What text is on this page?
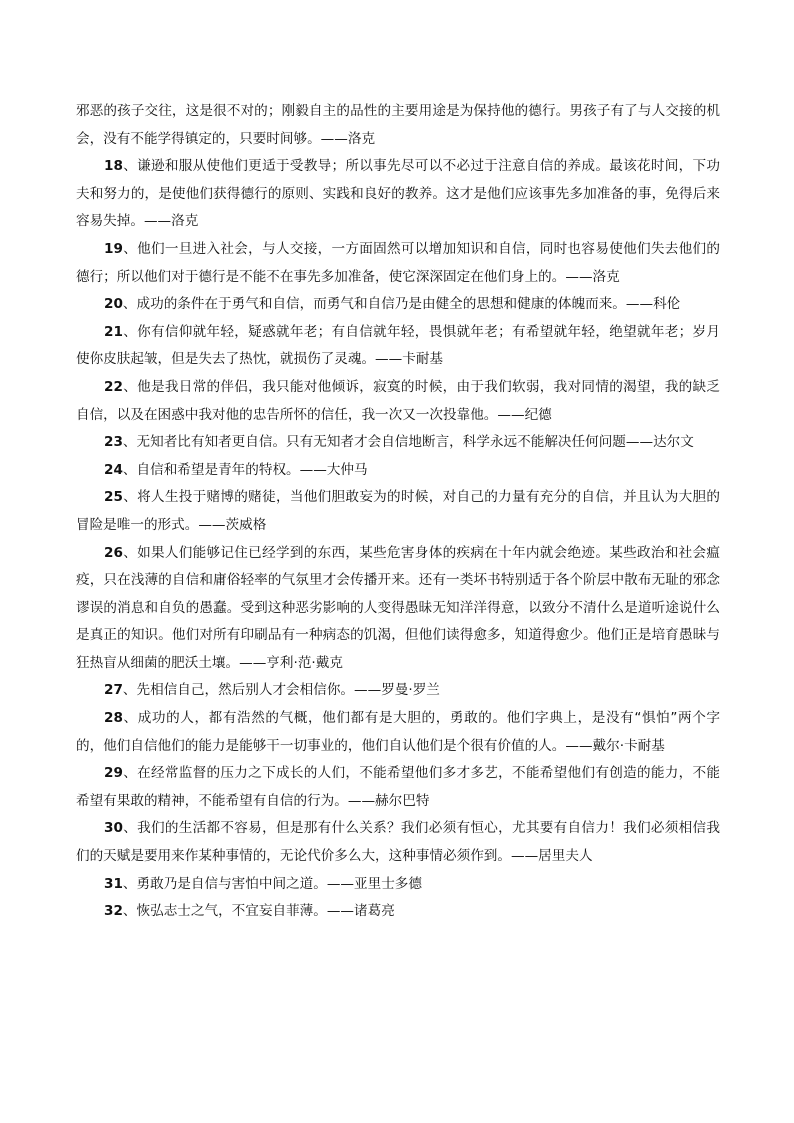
邪恶的孩子交往，这是很不对的；刚毅自主的品性的主要用途是为保持他的德行。男孩子有了与人交接的机会，没有不能学得镇定的，只要时间够。——洛克

18、谦逊和服从使他们更适于受教导；所以事先尽可以不必过于注意自信的养成。最该花时间，下功夫和努力的，是使他们获得德行的原则、实践和良好的教养。这才是他们应该事先多加准备的事，免得后来容易失掉。——洛克

19、他们一旦进入社会，与人交接，一方面固然可以增加知识和自信，同时也容易使他们失去他们的德行；所以他们对于德行是不能不在事先多加准备，使它深深固定在他们身上的。——洛克

20、成功的条件在于勇气和自信，而勇气和自信乃是由健全的思想和健康的体魄而来。——科伦

21、你有信仰就年轻，疑惑就年老；有自信就年轻，畏惧就年老；有希望就年轻，绝望就年老；岁月使你皮肤起皱，但是失去了热忱，就损伤了灵魂。——卡耐基

22、他是我日常的伴侣，我只能对他倾诉，寂寞的时候，由于我们软弱，我对同情的渴望，我的缺乏自信，以及在困惑中我对他的忠告所怀的信任，我一次又一次投靠他。——纪德

23、无知者比有知者更自信。只有无知者才会自信地断言，科学永远不能解决任何问题——达尔文

24、自信和希望是青年的特权。——大仲马

25、将人生投于赌博的赌徒，当他们胆敢妄为的时候，对自己的力量有充分的自信，并且认为大胆的冒险是唯一的形式。——茨威格

26、如果人们能够记住已经学到的东西，某些危害身体的疾病在十年内就会绝迹。某些政治和社会瘟疫，只在浅薄的自信和庸俗轻率的气氛里才会传播开来。还有一类坏书特别适于各个阶层中散布无耻的邪念谬误的消息和自负的愚蠢。受到这种恶劣影响的人变得愚昧无知洋洋得意，以致分不清什么是道听途说什么是真正的知识。他们对所有印刷品有一种病态的饥渴，但他们读得愈多，知道得愈少。他们正是培育愚昧与狂热盲从细菌的肥沃土壤。——亨利·范·戴克

27、先相信自己，然后别人才会相信你。——罗曼·罗兰

28、成功的人，都有浩然的气概，他们都有是大胆的，勇敢的。他们字典上，是没有“惧怕”两个字的，他们自信他们的能力是能够干一切事业的，他们自认他们是个很有价值的人。——戴尔·卡耐基

29、在经常监督的压力之下成长的人们，不能希望他们多才多艺，不能希望他们有创造的能力，不能希望有果敢的精神，不能希望有自信的行为。——赫尔巴特

30、我们的生活都不容易，但是那有什么关系？我们必须有恒心，尤其要有自信力！我们必须相信我们的天赋是要用来作某种事情的，无论代价多么大，这种事情必须作到。——居里夫人

31、勇敢乃是自信与害怕中间之道。——亚里士多德

32、恢弘志士之气，不宜妄自菲薄。——诸葛亮
